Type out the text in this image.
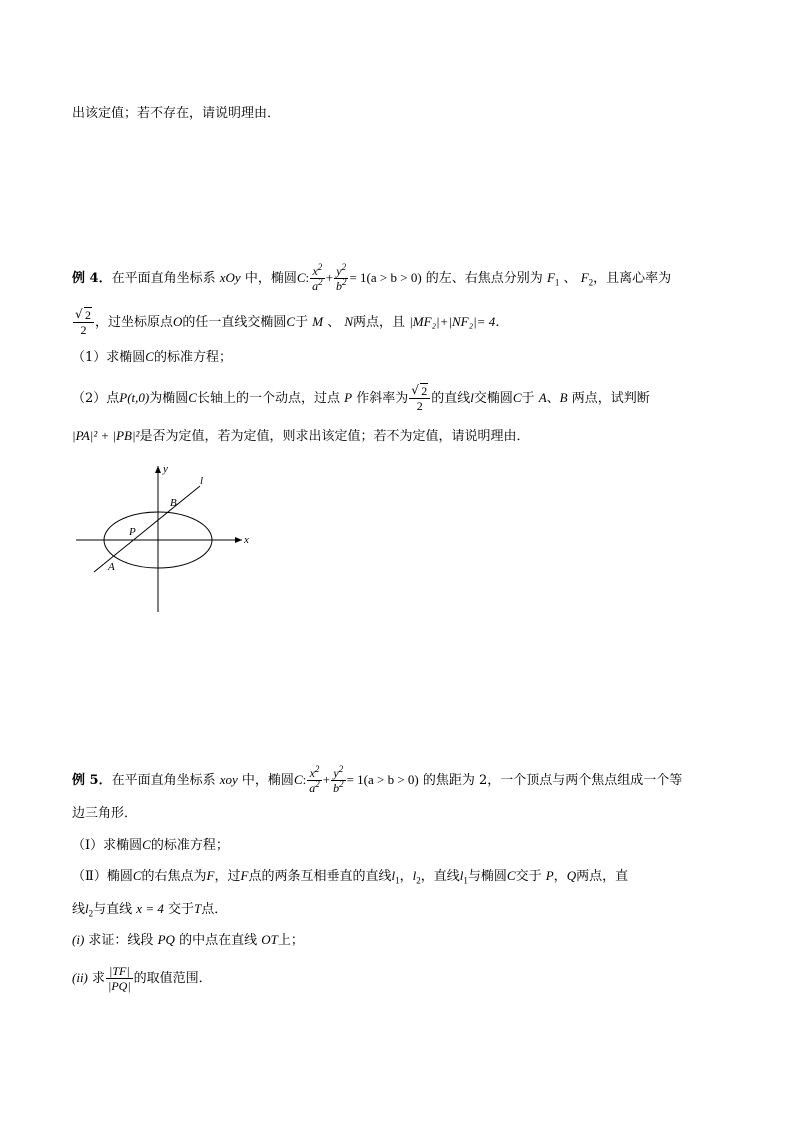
出该定值；若不存在，请说明理由．
例 4．在平面直角坐标系 xOy 中，椭圆C: $\frac{x^2}{a^2} + \frac{y^2}{b^2} = 1(a > b > 0)$ 的左、右焦点分别为 $F_1$ 、 $F_2$，且离心率为
√ $\frac{2}{2}$ ，过坐标原点O的任一直线交椭圆C于 M 、 N两点，且 |MF₂|+|NF₂|= 4．
（1）求椭圆C的标准方程；
（2）点P(t,0)为椭圆C长轴上的一个动点，过点 P 作斜率为
√ $\frac{2}{2}$ 的直线l交椭圆C于 A、B 两点，试判断
|PA|² + |PB|²是否为定值，若为定值，则求出该定值；若不为定值，请说明理由．
x
y
l
P
A
B
例 5．在平面直角坐标系 xoy 中，椭圆C: $\frac{x^2}{a^2} + \frac{y^2}{b^2} = 1(a > b > 0)$ 的焦距为 2，一个顶点与两个焦点组成一个等
边三角形．
（Ⅰ）求椭圆C的标准方程；
（Ⅱ）椭圆C的右焦点为F，过F点的两条互相垂直的直线$l_1$，$l_2$，直线$l_1$与椭圆C交于 P，Q两点，直
线$l_2$与直线 x = 4 交于T点．
(i) 求证：线段 PQ 的中点在直线 OT上；
(ii) 求 $\frac{|TF|}{|PQ|}$ 的取值范围．
